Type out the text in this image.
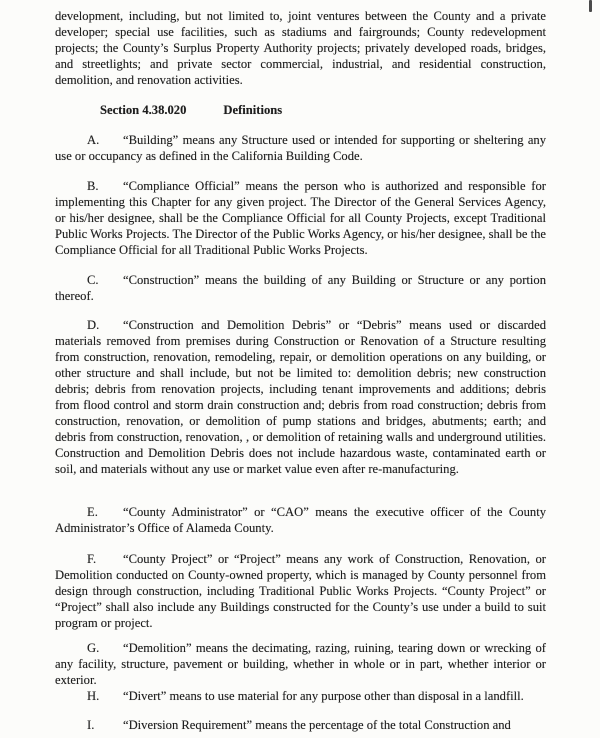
development, including, but not limited to, joint ventures between the County and a private developer; special use facilities, such as stadiums and fairgrounds; County redevelopment projects; the County’s Surplus Property Authority projects; privately developed roads, bridges, and streetlights; and private sector commercial, industrial, and residential construction, demolition, and renovation activities.

Section 4.38.020	Definitions

A. “Building” means any Structure used or intended for supporting or sheltering any use or occupancy as defined in the California Building Code.

B. “Compliance Official” means the person who is authorized and responsible for implementing this Chapter for any given project. The Director of the General Services Agency, or his/her designee, shall be the Compliance Official for all County Projects, except Traditional Public Works Projects. The Director of the Public Works Agency, or his/her designee, shall be the Compliance Official for all Traditional Public Works Projects.

C. “Construction” means the building of any Building or Structure or any portion thereof.

D. “Construction and Demolition Debris” or “Debris” means used or discarded materials removed from premises during Construction or Renovation of a Structure resulting from construction, renovation, remodeling, repair, or demolition operations on any building, or other structure and shall include, but not be limited to: demolition debris; new construction debris; debris from renovation projects, including tenant improvements and additions; debris from flood control and storm drain construction and; debris from road construction; debris from construction, renovation, or demolition of pump stations and bridges, abutments; earth; and debris from construction, renovation, , or demolition of retaining walls and underground utilities. Construction and Demolition Debris does not include hazardous waste, contaminated earth or soil, and materials without any use or market value even after re-manufacturing.

E. “County Administrator” or “CAO” means the executive officer of the County Administrator’s Office of Alameda County.

F. “County Project” or “Project” means any work of Construction, Renovation, or Demolition conducted on County-owned property, which is managed by County personnel from design through construction, including Traditional Public Works Projects. “County Project” or “Project” shall also include any Buildings constructed for the County’s use under a build to suit program or project.

G. “Demolition” means the decimating, razing, ruining, tearing down or wrecking of any facility, structure, pavement or building, whether in whole or in part, whether interior or exterior.

H. “Divert” means to use material for any purpose other than disposal in a landfill.

I. “Diversion Requirement” means the percentage of the total Construction and
